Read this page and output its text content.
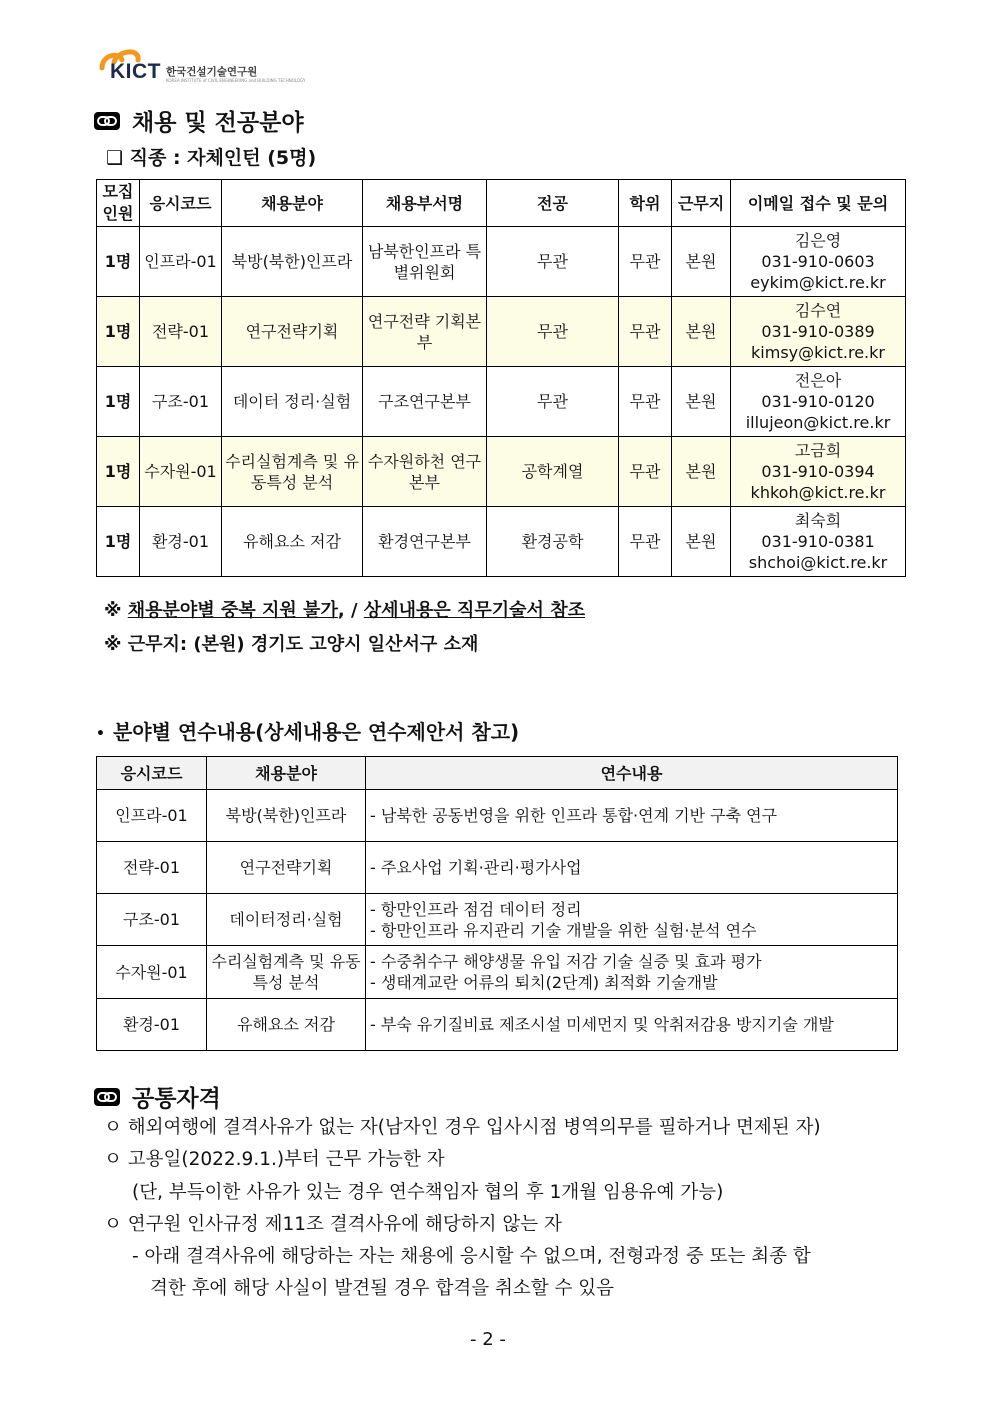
KICT 한국건설기술연구원
KOREA INSTITUTE of CIVIL ENGINEERING and BUILDING TECHNOLOGY
채용 및 전공분야
❑ 직종 : 자체인턴 (5명)
모집인원	응시코드	채용분야	채용부서명	전공	학위	근무지	이메일 접수 및 문의
1명	인프라-01	북방(북한)인프라	남북한인프라 특별위원회	무관	무관	본원	김은영
031-910-0603
eykim@kict.re.kr

1명	전략-01	연구전략기획	연구전략 기획본부	무관	무관	본원	김수연
031-910-0389
kimsy@kict.re.kr

1명	구조-01	데이터 정리·실험	구조연구본부	무관	무관	본원	전은아
031-910-0120
illujeon@kict.re.kr

1명	수자원-01	수리실험계측 및 유동특성 분석	수자원하천 연구본부	공학계열	무관	본원	고금희
031-910-0394
khkoh@kict.re.kr

1명	환경-01	유해요소 저감	환경연구본부	환경공학	무관	본원	최숙희
031-910-0381
shchoi@kict.re.kr
※ 채용분야별 중복 지원 불가, / 상세내용은 직무기술서 참조
※ 근무지: (본원) 경기도 고양시 일산서구 소재
• 분야별 연수내용(상세내용은 연수제안서 참고)
응시코드	채용분야	연수내용
인프라-01	북방(북한)인프라	- 남북한 공동번영을 위한 인프라 통합·연계 기반 구축 연구

전략-01	연구전략기획	- 주요사업 기획·관리·평가사업

구조-01	데이터정리·실험	- 항만인프라 점검 데이터 정리
- 항만인프라 유지관리 기술 개발을 위한 실험·분석 연수

수자원-01	수리실험계측 및 유동특성 분석	- 수중취수구 해양생물 유입 저감 기술 실증 및 효과 평가
- 생태계교란 어류의 퇴치(2단계) 최적화 기술개발

환경-01	유해요소 저감	- 부숙 유기질비료 제조시설 미세먼지 및 악취저감용 방지기술 개발
공통자격
ㅇ 해외여행에 결격사유가 없는 자(남자인 경우 입사시점 병역의무를 필하거나 면제된 자)
ㅇ 고용일(2022.9.1.)부터 근무 가능한 자
(단, 부득이한 사유가 있는 경우 연수책임자 협의 후 1개월 임용유예 가능)
ㅇ 연구원 인사규정 제11조 결격사유에 해당하지 않는 자
- 아래 결격사유에 해당하는 자는 채용에 응시할 수 없으며, 전형과정 중 또는 최종 합
격한 후에 해당 사실이 발견될 경우 합격을 취소할 수 있음
- 2 -
